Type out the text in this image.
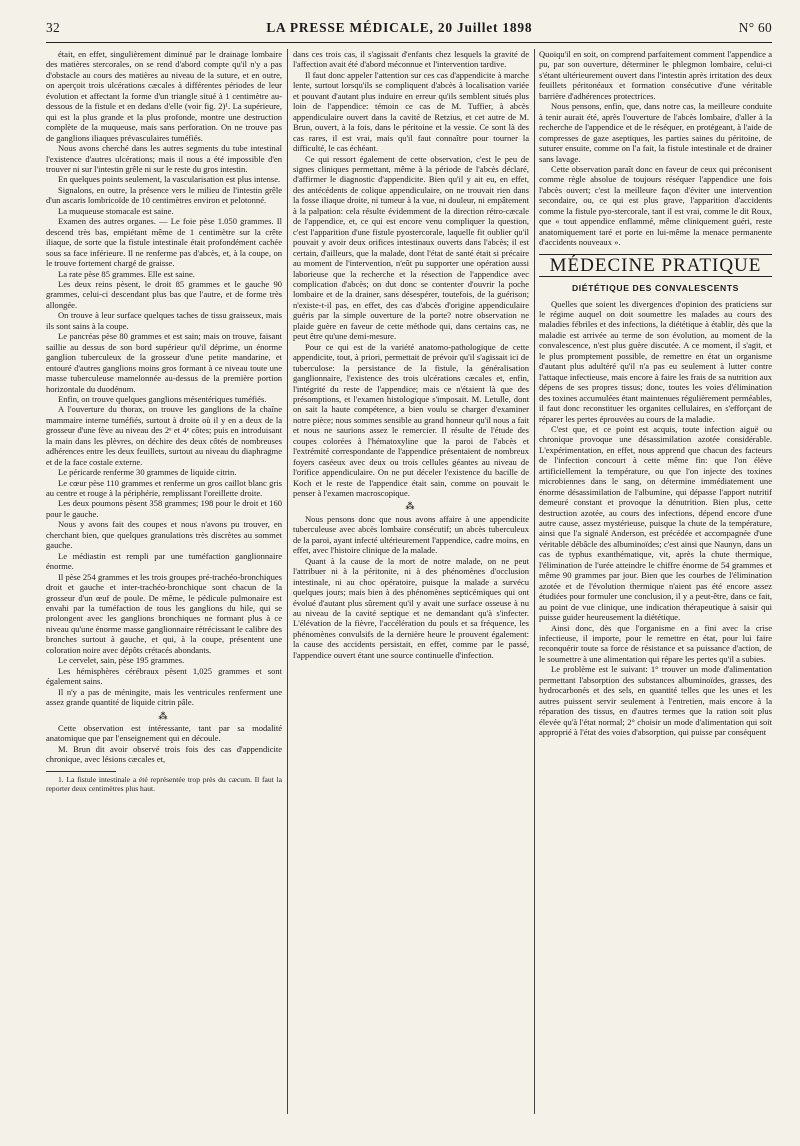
32	LA PRESSE MÉDICALE, 20 Juillet 1898	N° 60

était, en effet, singulièrement diminué par le drainage lombaire des matières stercorales, on se rend d'abord compte qu'il n'y a pas d'obstacle au cours des matières au niveau de la suture, et en outre, on aperçoit trois ulcérations cæcales à différentes périodes de leur évolution et affectant la forme d'un triangle situé à 1 centimètre au-dessous de la fistule et en dedans d'elle (voir fig. 2)¹. La supérieure, qui est la plus grande et la plus profonde, montre une destruction complète de la muqueuse, mais sans perforation. On ne trouve pas de ganglions iliaques prévasculaires tuméfiés.

Nous avons cherché dans les autres segments du tube intestinal l'existence d'autres ulcérations; mais il nous a été impossible d'en trouver ni sur l'intestin grêle ni sur le reste du gros intestin.

En quelques points seulement, la vascularisation est plus intense.

Signalons, en outre, la présence vers le milieu de l'intestin grêle d'un ascaris lombricoïde de 10 centimètres environ et pelotonné.

La muqueuse stomacale est saine.

Examen des autres organes. — Le foie pèse 1.050 grammes. Il descend très bas, empiétant même de 1 centimètre sur la crête iliaque, de sorte que la fistule intestinale était profondément cachée sous sa face inférieure. Il ne renferme pas d'abcès, et, à la coupe, on le trouve fortement chargé de graisse.

La rate pèse 85 grammes. Elle est saine.

Les deux reins pèsent, le droit 85 grammes et le gauche 90 grammes, celui-ci descendant plus bas que l'autre, et de forme très allongée.

On trouve à leur surface quelques taches de tissu graisseux, mais ils sont sains à la coupe.

Le pancréas pèse 80 grammes et est sain; mais on trouve, faisant saillie au dessus de son bord supérieur qu'il déprime, un énorme ganglion tuberculeux de la grosseur d'une petite mandarine, et entouré d'autres ganglions moins gros formant à ce niveau toute une masse tuberculeuse mamelonnée au-dessus de la première portion horizontale du duodénum.

Enfin, on trouve quelques ganglions mésentériques tuméfiés.

A l'ouverture du thorax, on trouve les ganglions de la chaîne mammaire interne tuméfiés, surtout à droite où il y en a deux de la grosseur d'une fève au niveau des 2ᵉ et 4ᵉ côtes; puis en introduisant la main dans les plèvres, on déchire des deux côtés de nombreuses adhérences entre les deux feuillets, surtout au niveau du diaphragme et de la face costale externe.

Le péricarde renferme 30 grammes de liquide citrin.

Le cœur pèse 110 grammes et renferme un gros caillot blanc gris au centre et rouge à la périphérie, remplissant l'oreillette droite.

Les deux poumons pèsent 358 grammes; 198 pour le droit et 160 pour le gauche.

Nous y avons fait des coupes et nous n'avons pu trouver, en cherchant bien, que quelques granulations très discrètes au sommet gauche.

Le médiastin est rempli par une tuméfaction ganglionnaire énorme.

Il pèse 254 grammes et les trois groupes pré-trachéo-bronchiques droit et gauche et inter-trachéo-bronchique sont chacun de la grosseur d'un œuf de poule. De même, le pédicule pulmonaire est envahi par la tuméfaction de tous les ganglions du hile, qui se prolongent avec les ganglions bronchiques ne formant plus à ce niveau qu'une énorme masse ganglionnaire rétrécissant le calibre des bronches surtout à gauche, et qui, à la coupe, présentent une coloration noire avec dépôts crétacés abondants.

Le cervelet, sain, pèse 195 grammes.

Les hémisphères cérébraux pèsent 1,025 grammes et sont également sains.

Il n'y a pas de méningite, mais les ventricules renferment une assez grande quantité de liquide citrin pâle.

⁂

Cette observation est intéressante, tant par sa modalité anatomique que par l'enseignement qui en découle.

M. Brun dit avoir observé trois fois des cas d'appendicite chronique, avec lésions cæcales et,

1. La fistule intestinale a été représentée trop près du cæcum. Il faut la reporter deux centimètres plus haut.

dans ces trois cas, il s'agissait d'enfants chez lesquels la gravité de l'affection avait été d'abord méconnue et l'intervention tardive.

Il faut donc appeler l'attention sur ces cas d'appendicite à marche lente, surtout lorsqu'ils se compliquent d'abcès à localisation variée et pouvant d'autant plus induire en erreur qu'ils semblent situés plus loin de l'appendice: témoin ce cas de M. Tuffier, à abcès appendiculaire ouvert dans la cavité de Retzius, et cet autre de M. Brun, ouvert, à la fois, dans le péritoine et la vessie. Ce sont là des cas rares, il est vrai, mais qu'il faut connaître pour tourner la difficulté, le cas échéant.

Ce qui ressort également de cette observation, c'est le peu de signes cliniques permettant, même à la période de l'abcès déclaré, d'affirmer le diagnostic d'appendicite. Bien qu'il y ait eu, en effet, des antécédents de colique appendiculaire, on ne trouvait rien dans la fosse iliaque droite, ni tumeur à la vue, ni douleur, ni empâtement à la palpation: cela résulte évidemment de la direction rétro-cæcale de l'appendice, et, ce qui est encore venu compliquer la question, c'est l'apparition d'une fistule pyostercorale, laquelle fit oublier qu'il pouvait y avoir deux orifices intestinaux ouverts dans l'abcès; il est certain, d'ailleurs, que la malade, dont l'état de santé était si précaire au moment de l'intervention, n'eût pu supporter une opération aussi laborieuse que la recherche et la résection de l'appendice avec complication d'abcès; on dut donc se contenter d'ouvrir la poche lombaire et de la drainer, sans désespérer, toutefois, de la guérison; n'existe-t-il pas, en effet, des cas d'abcès d'origine appendiculaire guéris par la simple ouverture de la porte? notre observation ne plaide guère en faveur de cette méthode qui, dans certains cas, ne peut être qu'une demi-mesure.

Pour ce qui est de la variété anatomo-pathologique de cette appendicite, tout, à priori, permettait de prévoir qu'il s'agissait ici de tuberculose: la persistance de la fistule, la généralisation ganglionnaire, l'existence des trois ulcérations cæcales et, enfin, l'intégrité du reste de l'appendice; mais ce n'étaient là que des présomptions, et l'examen histologique s'imposait. M. Letulle, dont on sait la haute compétence, a bien voulu se charger d'examiner notre pièce; nous sommes sensible au grand honneur qu'il nous a fait et nous ne saurions assez le remercier. Il résulte de l'étude des coupes colorées à l'hématoxyline que la paroi de l'abcès et l'extrémité correspondante de l'appendice présentaient de nombreux foyers caséeux avec deux ou trois cellules géantes au niveau de l'orifice appendiculaire. On ne put déceler l'existence du bacille de Koch et le reste de l'appendice était sain, comme on pouvait le penser à l'examen macroscopique.

⁂

Nous pensons donc que nous avons affaire à une appendicite tuberculeuse avec abcès lombaire consécutif; un abcès tuberculeux de la paroi, ayant infecté ultérieurement l'appendice, cadre moins, en effet, avec l'histoire clinique de la malade.

Quant à la cause de la mort de notre malade, on ne peut l'attribuer ni à la péritonite, ni à des phénomènes d'occlusion intestinale, ni au choc opératoire, puisque la malade a survécu quelques jours; mais bien à des phénomènes septicémiques qui ont évolué d'autant plus sûrement qu'il y avait une surface osseuse à nu au niveau de la cavité septique et ne demandant qu'à s'infecter. L'élévation de la fièvre, l'accélération du pouls et sa fréquence, les phénomènes convulsifs de la dernière heure le prouvent également: la cause des accidents persistait, en effet, comme par le passé, l'appendice ouvert étant une source continuelle d'infection.

Quoiqu'il en soit, on comprend parfaitement comment l'appendice a pu, par son ouverture, déterminer le phlegmon lombaire, celui-ci s'étant ultérieurement ouvert dans l'intestin après irritation des deux feuillets péritonéaux et formation consécutive d'une véritable barrière d'adhérences protectrices.

Nous pensons, enfin, que, dans notre cas, la meilleure conduite à tenir aurait été, après l'ouverture de l'abcès lombaire, d'aller à la recherche de l'appendice et de le réséquer, en protégeant, à l'aide de compresses de gaze aseptiques, les parties saines du péritoine, de suturer ensuite, comme on l'a fait, la fistule intestinale et de drainer sans lavage.

Cette observation paraît donc en faveur de ceux qui préconisent comme règle absolue de toujours réséquer l'appendice une fois l'abcès ouvert; c'est la meilleure façon d'éviter une intervention secondaire, ou, ce qui est plus grave, l'apparition d'accidents comme la fistule pyo-stercorale, tant il est vrai, comme le dit Roux, que « tout appendice enflammé, même cliniquement guéri, reste anatomiquement taré et porte en lui-même la menace permanente d'accidents nouveaux ».

MÉDECINE PRATIQUE
DIÉTÉTIQUE DES CONVALESCENTS

Quelles que soient les divergences d'opinion des praticiens sur le régime auquel on doit soumettre les malades au cours des maladies fébriles et des infections, la diététique à établir, dès que la maladie est arrivée au terme de son évolution, au moment de la convalescence, n'est plus guère discutée. A ce moment, il s'agit, et le plus promptement possible, de remettre en état un organisme d'autant plus adultéré qu'il n'a pas eu seulement à lutter contre l'attaque infectieuse, mais encore à faire les frais de sa nutrition aux dépens de ses propres tissus; donc, toutes les voies d'élimination des toxines accumulées étant maintenues régulièrement perméables, il faut donc reconstituer les organites cellulaires, en s'efforçant de réparer les pertes éprouvées au cours de la maladie.

C'est que, et ce point est acquis, toute infection aiguë ou chronique provoque une désassimilation azotée considérable. L'expérimentation, en effet, nous apprend que chacun des facteurs de l'infection concourt à cette même fin: que l'on élève artificiellement la température, ou que l'on injecte des toxines microbiennes dans le sang, on détermine immédiatement une énorme désassimilation de l'albumine, qui dépasse l'apport nutritif demeuré constant et provoque la dénutrition. Bien plus, cette destruction azotée, au cours des infections, dépend encore d'une autre cause, assez mystérieuse, puisque la chute de la température, ainsi que l'a signalé Anderson, est précédée et accompagnée d'une véritable débâcle des albuminoïdes; c'est ainsi que Naunyn, dans un cas de typhus exanthématique, vit, après la chute thermique, l'élimination de l'urée atteindre le chiffre énorme de 54 grammes et même 90 grammes par jour. Bien que les courbes de l'élimination azotée et de l'évolution thermique n'aient pas été encore assez étudiées pour formuler une conclusion, il y a peut-être, dans ce fait, au point de vue clinique, une indication thérapeutique à saisir qui puisse guider heureusement la diététique.

Ainsi donc, dès que l'organisme en a fini avec la crise infectieuse, il importe, pour le remettre en état, pour lui faire reconquérir toute sa force de résistance et sa puissance d'action, de le soumettre à une alimentation qui répare les pertes qu'il a subies.

Le problème est le suivant: 1° trouver un mode d'alimentation permettant l'absorption des substances albuminoïdes, grasses, des hydrocarbonés et des sels, en quantité telles que les unes et les autres puissent servir seulement à l'entretien, mais encore à la réparation des tissus, en d'autres termes que la ration soit plus élevée qu'à l'état normal; 2° choisir un mode d'alimentation qui soit approprié à l'état des voies d'absorption, qui puisse par conséquent
